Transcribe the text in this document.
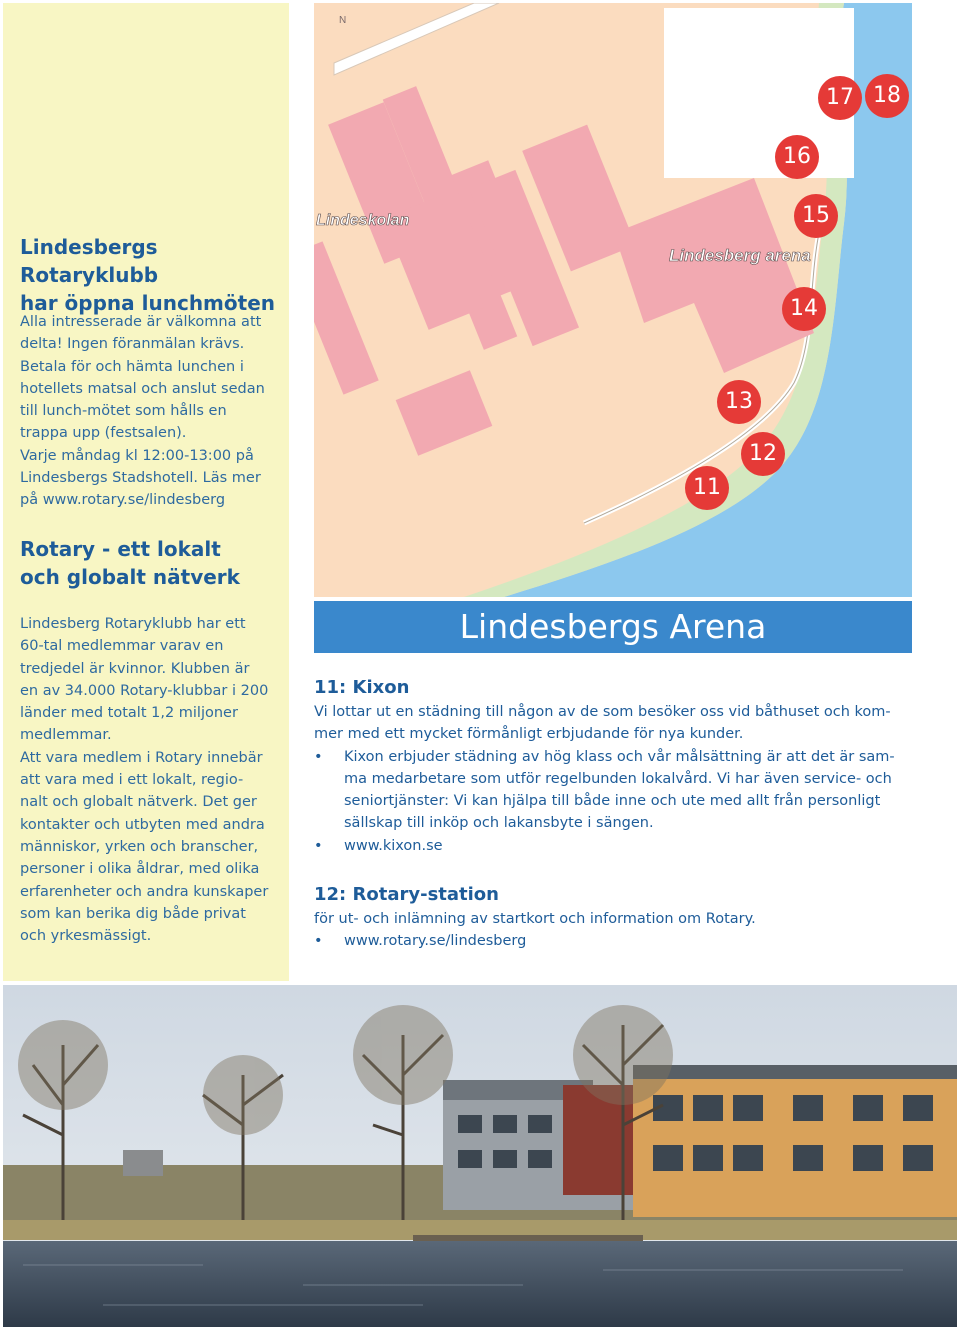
Lindesbergs Rotaryklubb
har öppna lunchmöten

Alla intresserade är välkomna att

delta! Ingen föranmälan krävs.

Betala för och hämta lunchen i

hotellets matsal och anslut sedan

till lunch-mötet som hålls en

trappa upp (festsalen).

Varje måndag kl 12:00-13:00 på

Lindesbergs Stadshotell. Läs mer

på www.rotary.se/lindesberg

Rotary - ett lokalt
och globalt nätverk

Lindesberg Rotaryklubb har ett

60-tal medlemmar varav en

tredjedel är kvinnor. Klubben är

en av 34.000 Rotary-klubbar i 200

länder med totalt 1,2 miljoner

medlemmar.

Att vara medlem i Rotary innebär

att vara med i ett lokalt, regio-

nalt och globalt nätverk. Det ger

kontakter och utbyten med andra

människor, yrken och branscher,

personer i olika åldrar, med olika

erfarenheter och andra kunskaper

som kan berika dig både privat

och yrkesmässigt.

Lindeskolan
Lindesberg arena
N
11
12
13
14
15
16
17 18
Lindesbergs Arena
11: Kixon

Vi lottar ut en städning till någon av de som besöker oss vid båthuset och kom-

mer med ett mycket förmånligt erbjudande för nya kunder.

• Kixon erbjuder städning av hög klass och vår målsättning är att det är sam-

ma medarbetare som utför regelbunden lokalvård. Vi har även service- och

seniortjänster: Vi kan hjälpa till både inne och ute med allt från personligt

sällskap till inköp och lakansbyte i sängen.

• www.kixon.se

12: Rotary-station

för ut- och inlämning av startkort och information om Rotary.

• www.rotary.se/lindesberg
